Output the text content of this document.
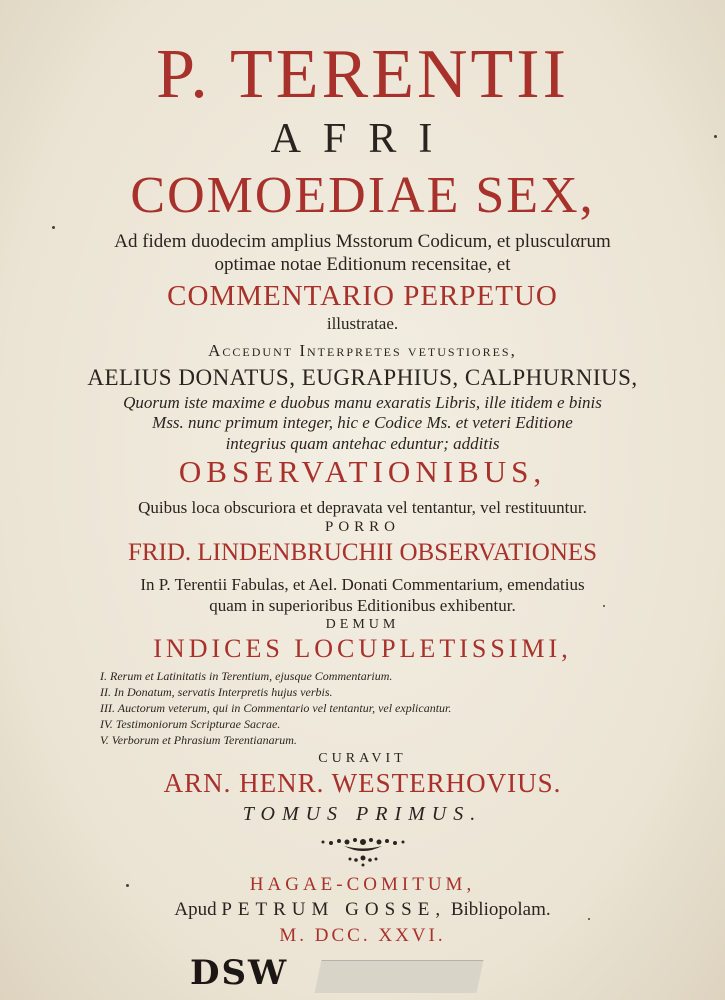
P. TERENTII
AFRI
COMOEDIAE SEX,
Ad fidem duodecim amplius Msstorum Codicum, et plusculαrum
optimae notae Editionum recensitae, et
COMMENTARIO PERPETUO
illustratae.
Accedunt Interpretes vetustiores,
AELIUS DONATUS, EUGRAPHIUS, CALPHURNIUS,
Quorum iste maxime e duobus manu exaratis Libris, ille itidem e binis
Mss. nunc primum integer, hic e Codice Ms. et veteri Editione
integrius quam antehac eduntur; additis
OBSERVATIONIBUS,
Quibus loca obscuriora et depravata vel tentantur, vel restituuntur.
PORRO
FRID. LINDENBRUCHII OBSERVATIONES
In P. Terentii Fabulas, et Ael. Donati Commentarium, emendatius
quam in superioribus Editionibus exhibentur.
DEMUM
INDICES LOCUPLETISSIMI,
I. Rerum et Latinitatis in Terentium, ejusque Commentarium.
II. In Donatum, servatis Interpretis hujus verbis.
III. Auctorum veterum, qui in Commentario vel tentantur, vel explicantur.
IV. Testimoniorum Scripturae Sacrae.
V. Verborum et Phrasium Terentianarum.
CURAVIT
ARN. HENR. WESTERHOVIUS.
TOMUS PRIMUS.
HAGAE-COMITUM,
Apud PETRUM GOSSE, Bibliopolam.
M. DCC. XXVI.
DSW
